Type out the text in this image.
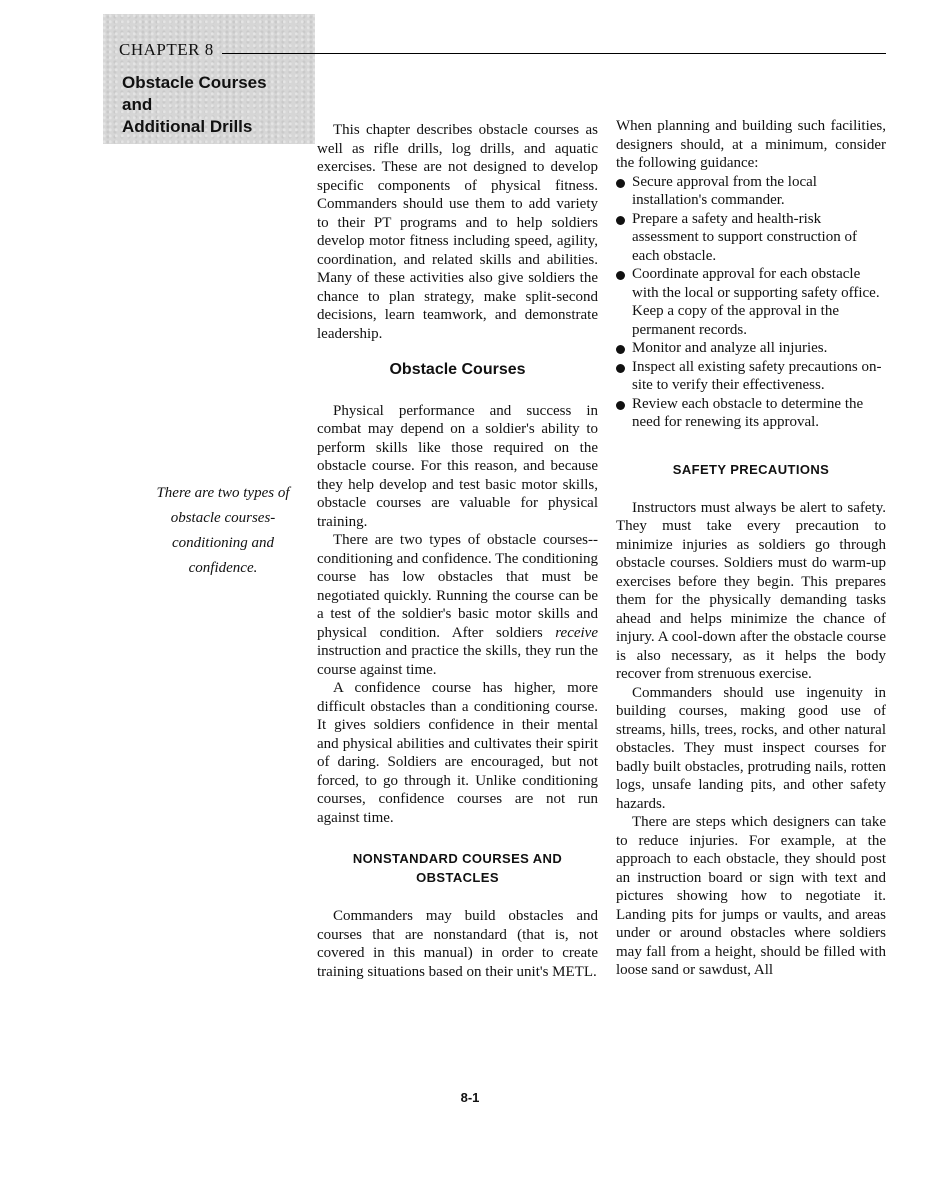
CHAPTER 8
Obstacle Courses
and
Additional Drills
There are two types of obstacle courses-conditioning and confidence.

This chapter describes obstacle courses as well as rifle drills, log drills, and aquatic exercises. These are not designed to develop specific components of physical fitness. Commanders should use them to add variety to their PT programs and to help soldiers develop motor fitness including speed, agility, coordination, and related skills and abilities. Many of these activities also give soldiers the chance to plan strategy, make split-second decisions, learn teamwork, and demonstrate leadership.

Obstacle Courses

Physical performance and success in combat may depend on a soldier's ability to perform skills like those required on the obstacle course. For this reason, and because they help develop and test basic motor skills, obstacle courses are valuable for physical training.

There are two types of obstacle courses--conditioning and confidence. The conditioning course has low obstacles that must be negotiated quickly. Running the course can be a test of the soldier's basic motor skills and physical condition. After soldiers receive instruction and practice the skills, they run the course against time.

A confidence course has higher, more difficult obstacles than a conditioning course. It gives soldiers confidence in their mental and physical abilities and cultivates their spirit of daring. Soldiers are encouraged, but not forced, to go through it. Unlike conditioning courses, confidence courses are not run against time.

NONSTANDARD COURSES AND
OBSTACLES

Commanders may build obstacles and courses that are nonstandard (that is, not covered in this manual) in order to create training situations based on their unit's METL.

When planning and building such facilities, designers should, at a minimum, consider the following guidance:

Secure approval from the local installation's commander.
Prepare a safety and health-risk assessment to support construction of each obstacle.
Coordinate approval for each obstacle with the local or supporting safety office. Keep a copy of the approval in the permanent records.
Monitor and analyze all injuries.
Inspect all existing safety precautions on-site to verify their effectiveness.
Review each obstacle to determine the need for renewing its approval.
SAFETY PRECAUTIONS

Instructors must always be alert to safety. They must take every precaution to minimize injuries as soldiers go through obstacle courses. Soldiers must do warm-up exercises before they begin. This prepares them for the physically demanding tasks ahead and helps minimize the chance of injury. A cool-down after the obstacle course is also necessary, as it helps the body recover from strenuous exercise.

Commanders should use ingenuity in building courses, making good use of streams, hills, trees, rocks, and other natural obstacles. They must inspect courses for badly built obstacles, protruding nails, rotten logs, unsafe landing pits, and other safety hazards.

There are steps which designers can take to reduce injuries. For example, at the approach to each obstacle, they should post an instruction board or sign with text and pictures showing how to negotiate it. Landing pits for jumps or vaults, and areas under or around obstacles where soldiers may fall from a height, should be filled with loose sand or sawdust, All

8-1
